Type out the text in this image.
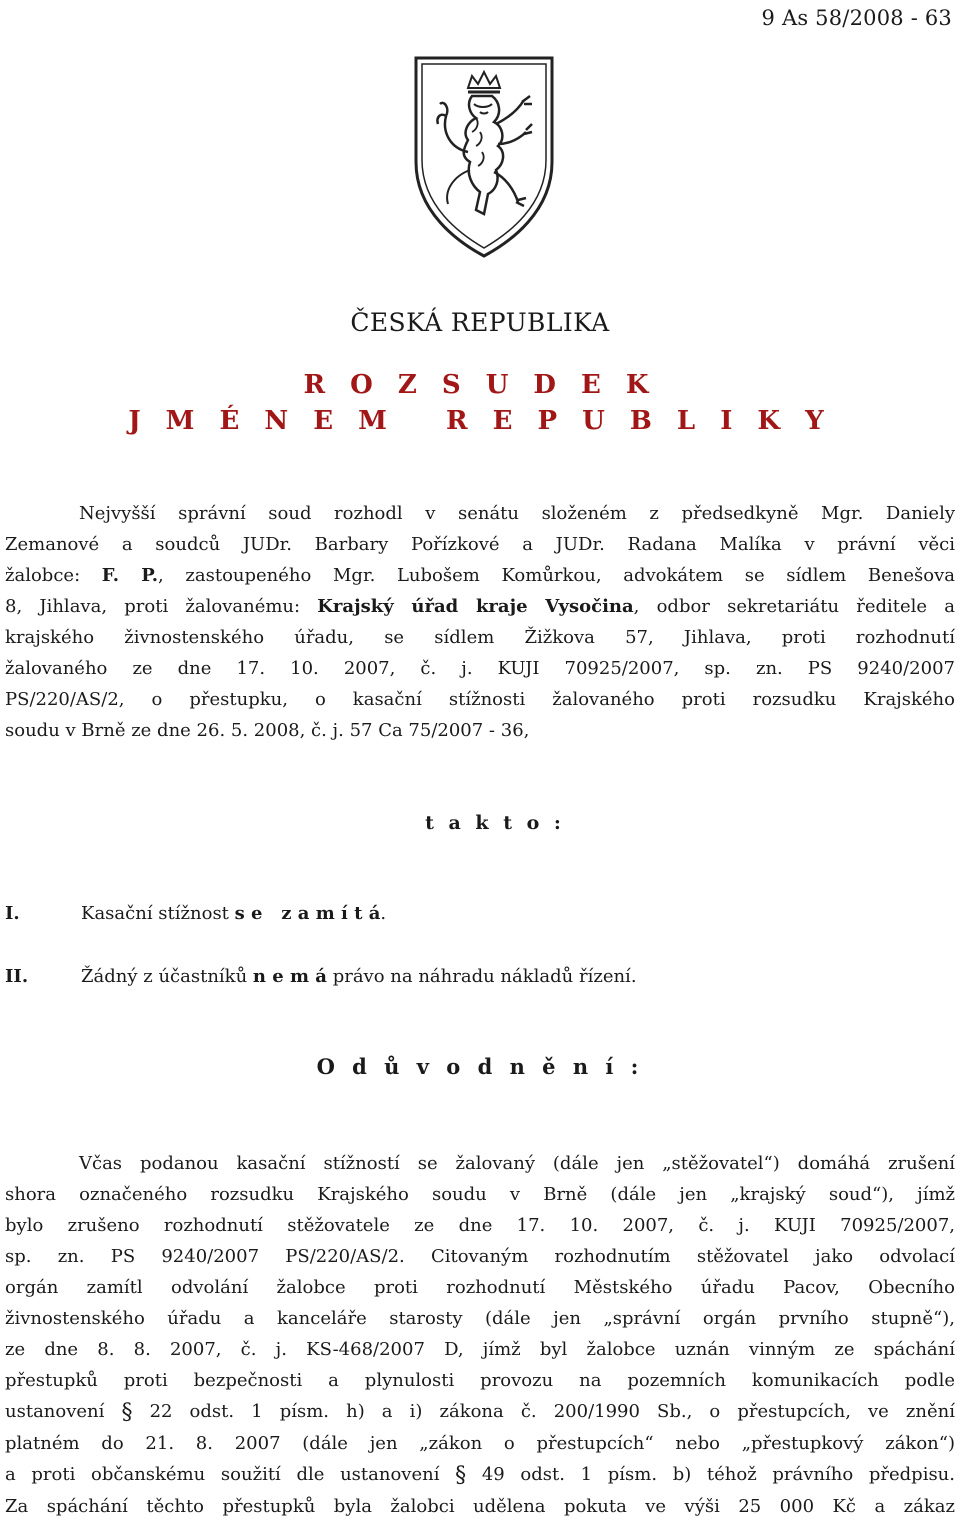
9 As 58/2008 - 63
ČESKÁ REPUBLIKA
R O Z S U D E K
J M É N E M   R E P U B L I K Y
Nejvyšší správní soud rozhodl v senátu složeném z předsedkyně Mgr. Daniely
Zemanové a soudců JUDr. Barbary Pořízkové a JUDr. Radana Malíka v právní věci
žalobce: F. P., zastoupeného Mgr. Lubošem Komůrkou, advokátem se sídlem Benešova
8, Jihlava, proti žalovanému: Krajský úřad kraje Vysočina, odbor sekretariátu ředitele a
krajského živnostenského úřadu, se sídlem Žižkova 57, Jihlava, proti rozhodnutí
žalovaného ze dne 17. 10. 2007, č. j. KUJI 70925/2007, sp. zn. PS 9240/2007
PS/220/AS/2, o přestupku, o kasační stížnosti žalovaného proti rozsudku Krajského
soudu v Brně ze dne 26. 5. 2008, č. j. 57 Ca 75/2007 - 36,
t a k t o :
I.	Kasační stížnost s e   z a m í t á.
II.	Žádný z účastníků n e m á právo na náhradu nákladů řízení.
O d ů v o d n ě n í :
Včas podanou kasační stížností se žalovaný (dále jen „stěžovatel“) domáhá zrušení
shora označeného rozsudku Krajského soudu v Brně (dále jen „krajský soud“), jímž
bylo zrušeno rozhodnutí stěžovatele ze dne 17. 10. 2007, č. j. KUJI 70925/2007,
sp. zn. PS 9240/2007 PS/220/AS/2. Citovaným rozhodnutím stěžovatel jako odvolací
orgán zamítl odvolání žalobce proti rozhodnutí Městského úřadu Pacov, Obecního
živnostenského úřadu a kanceláře starosty (dále jen „správní orgán prvního stupně“),
ze dne 8. 8. 2007, č. j. KS-468/2007 D, jímž byl žalobce uznán vinným ze spáchání
přestupků proti bezpečnosti a plynulosti provozu na pozemních komunikacích podle
ustanovení § 22 odst. 1 písm. h) a i) zákona č. 200/1990 Sb., o přestupcích, ve znění
platném do 21. 8. 2007 (dále jen „zákon o přestupcích“ nebo „přestupkový zákon“)
a proti občanskému soužití dle ustanovení § 49 odst. 1 písm. b) téhož právního předpisu.
Za spáchání těchto přestupků byla žalobci udělena pokuta ve výši 25 000 Kč a zákaz
